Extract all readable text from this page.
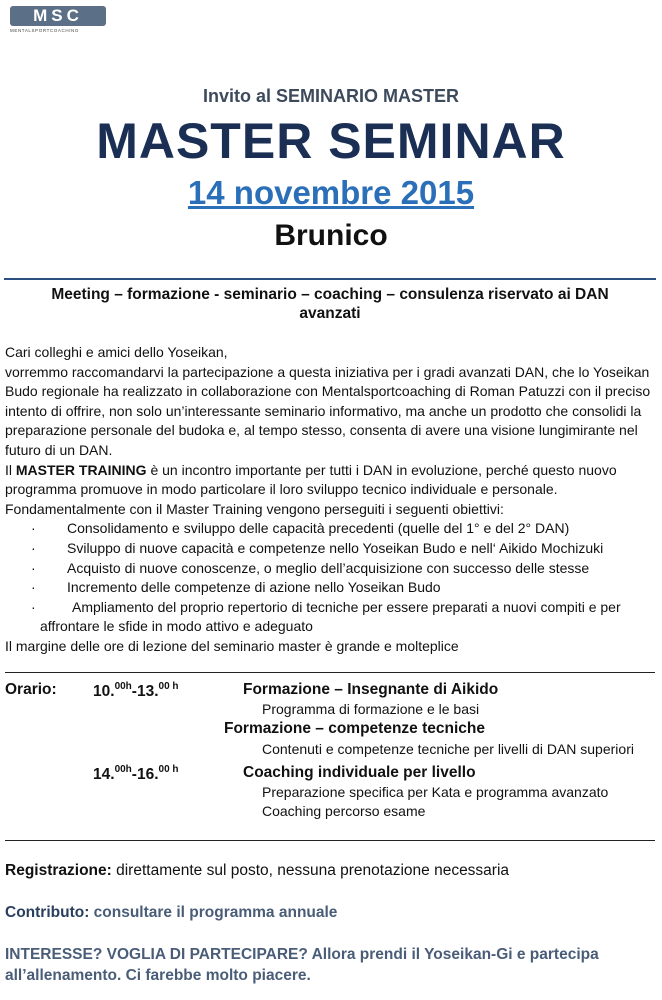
MSC
MENTALSPORTCOACHING
Invito al SEMINARIO MASTER
MASTER SEMINAR
14 novembre 2015
Brunico
Meeting – formazione - seminario – coaching – consulenza riservato ai DAN avanzati

Cari colleghi e amici dello Yoseikan,

vorremmo raccomandarvi la partecipazione a questa iniziativa per i gradi avanzati DAN, che lo Yoseikan Budo regionale ha realizzato in collaborazione con Mentalsportcoaching di Roman Patuzzi con il preciso intento di offrire, non solo un’interessante seminario informativo, ma anche un prodotto che consolidi la preparazione personale del budoka e, al tempo stesso, consenta di avere una visione lungimirante nel futuro di un DAN.

Il MASTER TRAINING è un incontro importante per tutti i DAN in evoluzione, perché questo nuovo programma promuove in modo particolare il loro sviluppo tecnico individuale e personale.

Fondamentalmente con il Master Training vengono perseguiti i seguenti obiettivi:

· Consolidamento e sviluppo delle capacità precedenti (quelle del 1° e del 2° DAN)
· Sviluppo di nuove capacità e competenze nello Yoseikan Budo e nell‘ Aikido Mochizuki
· Acquisto di nuove conoscenze, o meglio dell’acquisizione con successo delle stesse
· Incremento delle competenze di azione nello Yoseikan Budo
·	Ampliamento del proprio repertorio di tecniche per essere preparati a nuovi compiti e per
affrontare le sfide in modo attivo e adeguato

Il margine delle ore di lezione del seminario master è grande e molteplice

Orario: 10.$^{00h}$-13.$^{00 h}$	Formazione – Insegnante di Aikido
Programma di formazione e le basi
Formazione – competenze tecniche
Contenuti e competenze tecniche per livelli di DAN superiori
14.$^{00h}$-16.$^{00 h}$	Coaching individuale per livello
Preparazione specifica per Kata e programma avanzato
Coaching percorso esame
Registrazione: direttamente sul posto, nessuna prenotazione necessaria
Contributo: consultare il programma annuale
INTERESSE? VOGLIA DI PARTECIPARE? Allora prendi il Yoseikan-Gi e partecipa all’allenamento. Ci farebbe molto piacere.
